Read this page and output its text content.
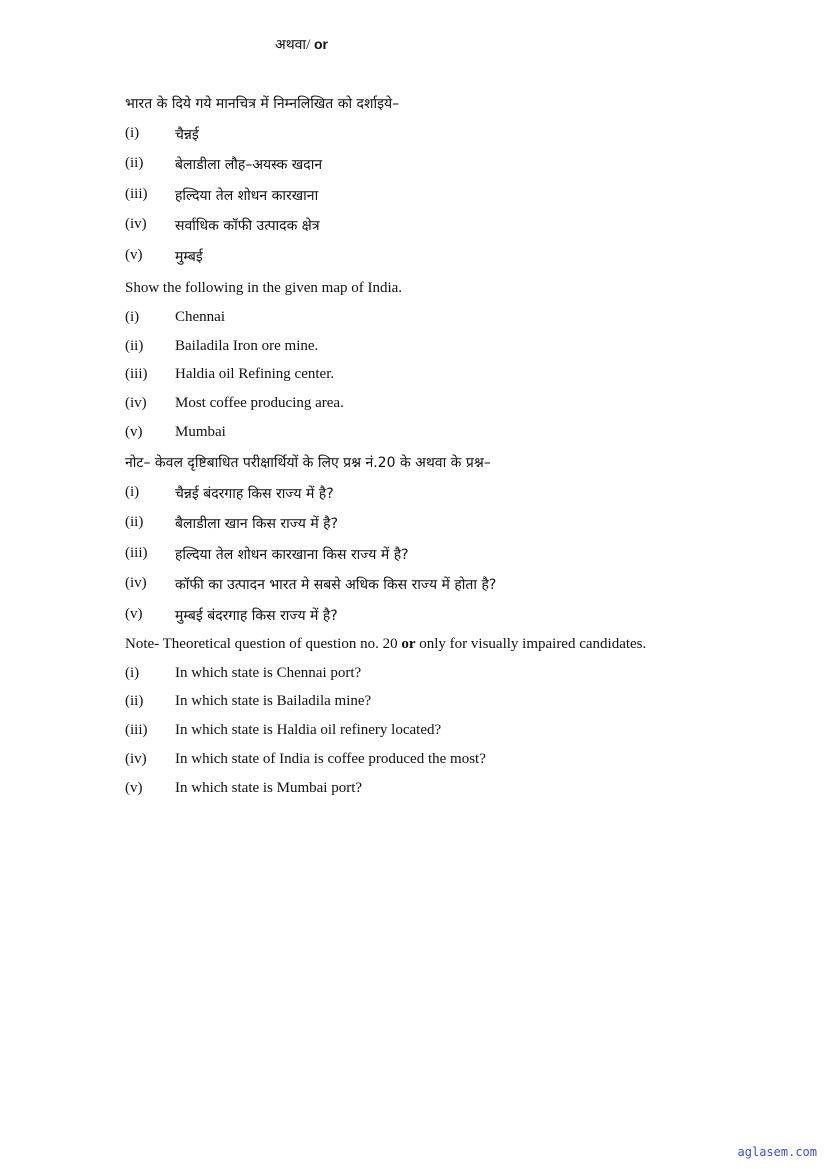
अथवा/ or
भारत के दिये गये मानचित्र में निम्नलिखित को दर्शाइये–
(i)	चैन्नई
(ii) बेलाडीला लौह–अयस्क खदान
(iii) हल्दिया तेल शोधन कारखाना
(iv) सर्वाधिक कॉफी उत्पादक क्षेत्र
(v) मुम्बई
Show the following in the given map of India.
(i) Chennai
(ii) Bailadila Iron ore mine.
(iii) Haldia oil Refining center.
(iv) Most coffee producing area.
(v) Mumbai
नोट– केवल दृष्टिबाधित परीक्षार्थियों के लिए प्रश्न नं.20 के अथवा के प्रश्न–
(i)	चैन्नई बंदरगाह किस राज्य में है?
(ii) बैलाडीला खान किस राज्य में है?
(iii) हल्दिया तेल शोधन कारखाना किस राज्य में है?
(iv) कॉफी का उत्पादन भारत मे सबसे अधिक किस राज्य में होता है?
(v) मुम्बई बंदरगाह किस राज्य में है?
Note- Theoretical question of question no. 20 or only for visually impaired candidates.
(i) In which state is Chennai port?
(ii) In which state is Bailadila mine?
(iii) In which state is Haldia oil refinery located?
(iv) In which state of India is coffee produced the most?
(v) In which state is Mumbai port?
aglasem.com
